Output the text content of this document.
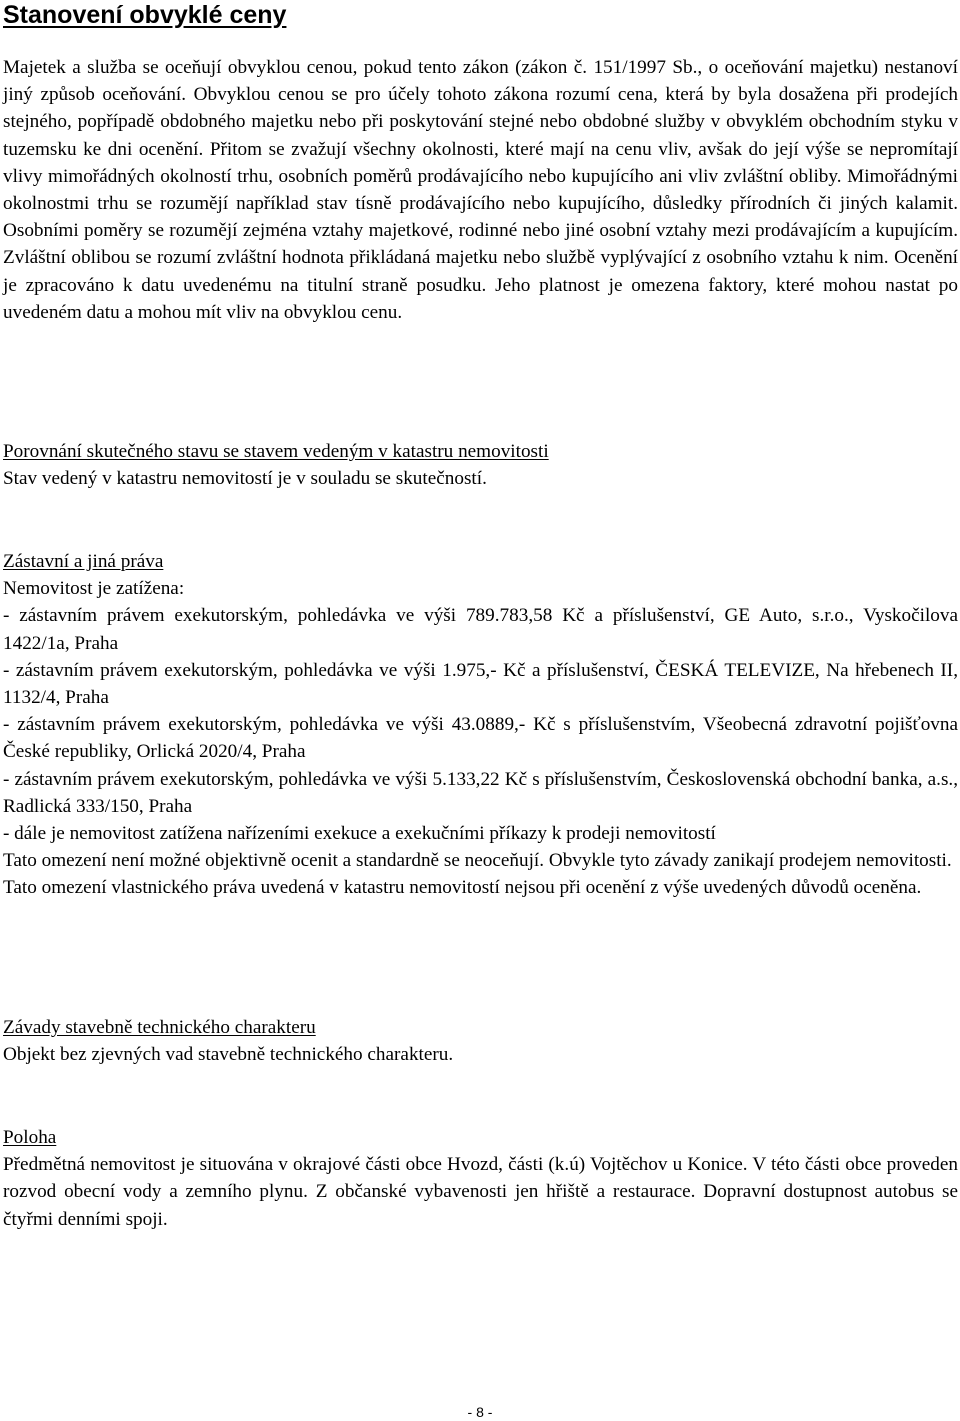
Stanovení obvyklé ceny

Majetek a služba se oceňují obvyklou cenou, pokud tento zákon (zákon č. 151/1997 Sb., o oceňování majetku) nestanoví jiný způsob oceňování. Obvyklou cenou se pro účely tohoto zákona rozumí cena, která by byla dosažena při prodejích stejného, popřípadě obdobného majetku nebo při poskytování stejné nebo obdobné služby v obvyklém obchodním styku v tuzemsku ke dni ocenění. Přitom se zvažují všechny okolnosti, které mají na cenu vliv, avšak do její výše se nepromítají vlivy mimořádných okolností trhu, osobních poměrů prodávajícího nebo kupujícího ani vliv zvláštní obliby. Mimořádnými okolnostmi trhu se rozumějí například stav tísně prodávajícího nebo kupujícího, důsledky přírodních či jiných kalamit. Osobními poměry se rozumějí zejména vztahy majetkové, rodinné nebo jiné osobní vztahy mezi prodávajícím a kupujícím. Zvláštní oblibou se rozumí zvláštní hodnota přikládaná majetku nebo službě vyplývající z osobního vztahu k nim. Ocenění je zpracováno k datu uvedenému na titulní straně posudku. Jeho platnost je omezena faktory, které mohou nastat po uvedeném datu a mohou mít vliv na obvyklou cenu.

Porovnání skutečného stavu se stavem vedeným v katastru nemovitosti

Stav vedený v katastru nemovitostí je v souladu se skutečností.

Zástavní a jiná práva

Nemovitost je zatížena:

- zástavním právem exekutorským, pohledávka ve výši 789.783,58 Kč a příslušenství, GE Auto, s.r.o., Vyskočilova 1422/1a, Praha

- zástavním právem exekutorským, pohledávka ve výši 1.975,- Kč a příslušenství, ČESKÁ TELEVIZE, Na hřebenech II, 1132/4, Praha

- zástavním právem exekutorským, pohledávka ve výši 43.0889,- Kč s příslušenstvím, Všeobecná zdravotní pojišťovna České republiky, Orlická 2020/4, Praha

- zástavním právem exekutorským, pohledávka ve výši 5.133,22 Kč s příslušenstvím, Československá obchodní banka, a.s., Radlická 333/150, Praha

- dále je nemovitost zatížena nařízeními exekuce a exekučními příkazy k prodeji nemovitostí

Tato omezení není možné objektivně ocenit a standardně se neoceňují. Obvykle tyto závady zanikají prodejem nemovitosti.

Tato omezení vlastnického práva uvedená v katastru nemovitostí nejsou při ocenění z výše uvedených důvodů oceněna.

Závady stavebně technického charakteru

Objekt bez zjevných vad stavebně technického charakteru.

Poloha

Předmětná nemovitost je situována v okrajové části obce Hvozd, části (k.ú) Vojtěchov u Konice. V této části obce proveden rozvod obecní vody a zemního plynu. Z občanské vybavenosti jen hřiště a restaurace. Dopravní dostupnost autobus se čtyřmi denními spoji.

- 8 -
